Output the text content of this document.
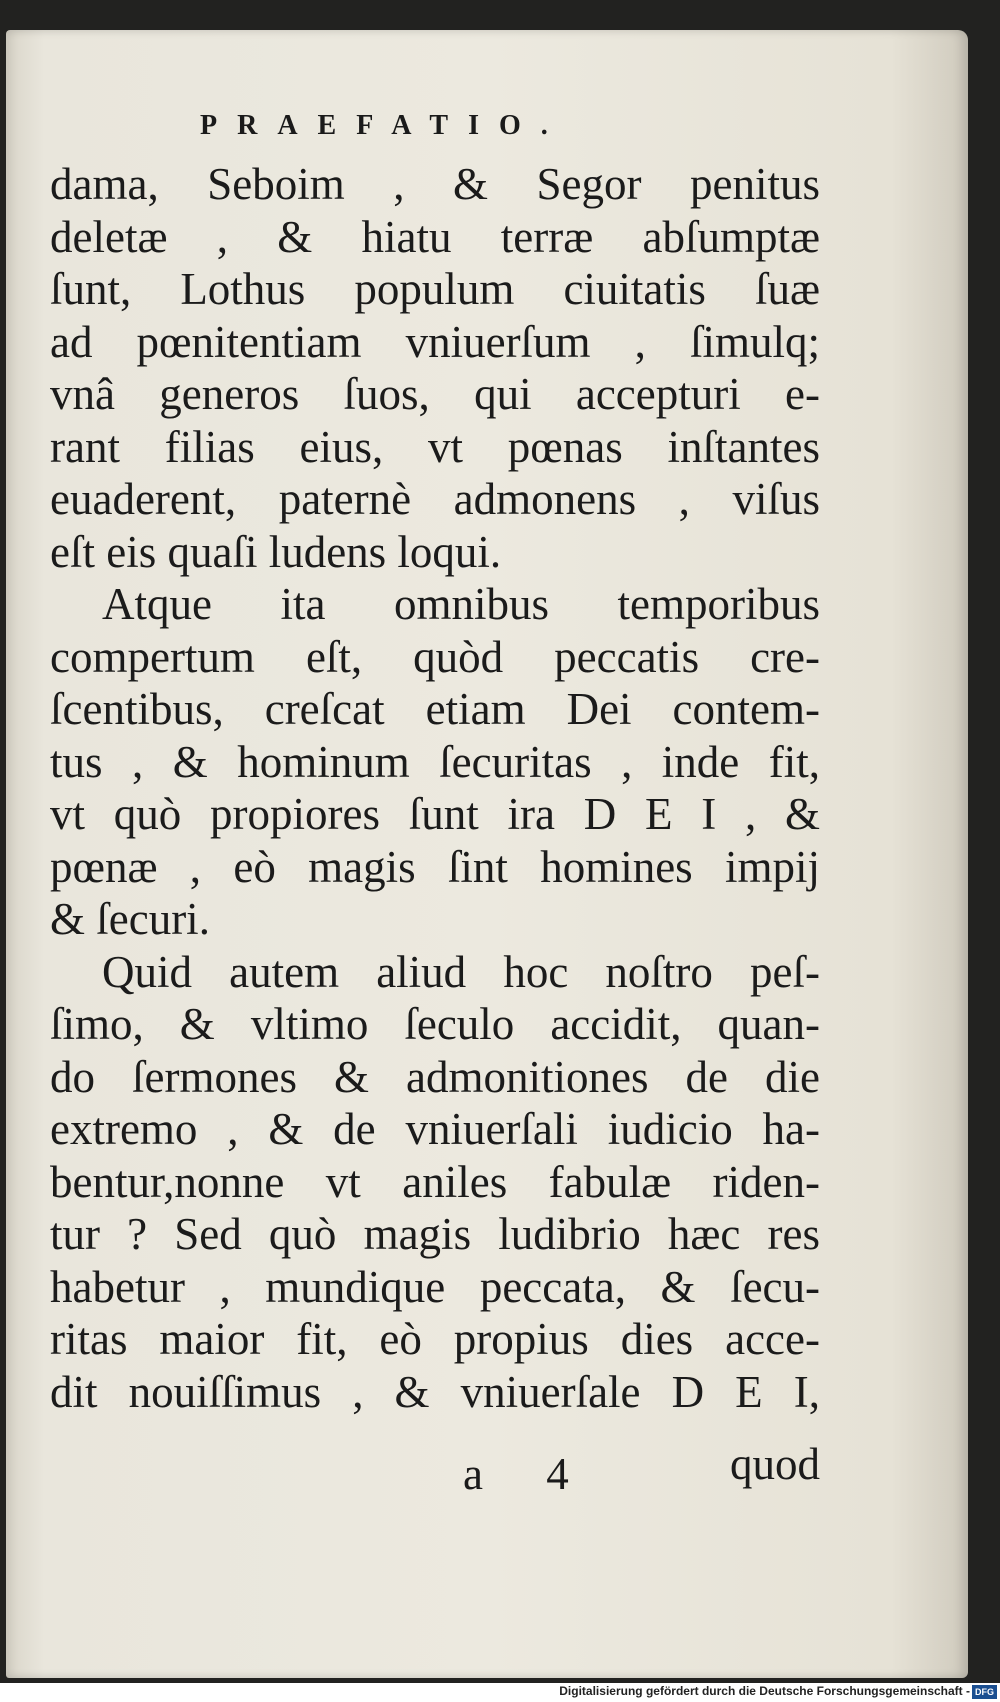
PRAEFATIO.
dama, Seboim , & Segor penitus
deletæ , & hiatu terræ abſumptæ
ſunt, Lothus populum ciuitatis ſuæ
ad pœnitentiam vniuerſum , ſimulq;
vnâ generos ſuos, qui accepturi e-
rant filias eius, vt pœnas inſtantes
euaderent, paternè admonens , viſus
eſt eis quaſi ludens loqui.
Atque ita omnibus temporibus
compertum eſt, quòd peccatis cre-
ſcentibus, creſcat etiam Dei contem-
tus , & hominum ſecuritas , inde fit,
vt quò propiores ſunt ira D E I , &
pœnæ , eò magis ſint homines impij
& ſecuri.
Quid autem aliud hoc noſtro peſ-
ſimo, & vltimo ſeculo accidit, quan-
do ſermones & admonitiones de die
extremo , & de vniuerſali iudicio ha-
bentur,nonne vt aniles fabulæ riden-
tur ? Sed quò magis ludibrio hæc res
habetur , mundique peccata, & ſecu-
ritas maior fit, eò propius dies acce-
dit nouiſſimus , & vniuerſale D E I,
a 4	quod
Digitalisierung gefördert durch die Deutsche Forschungsgemeinschaft - DFG
